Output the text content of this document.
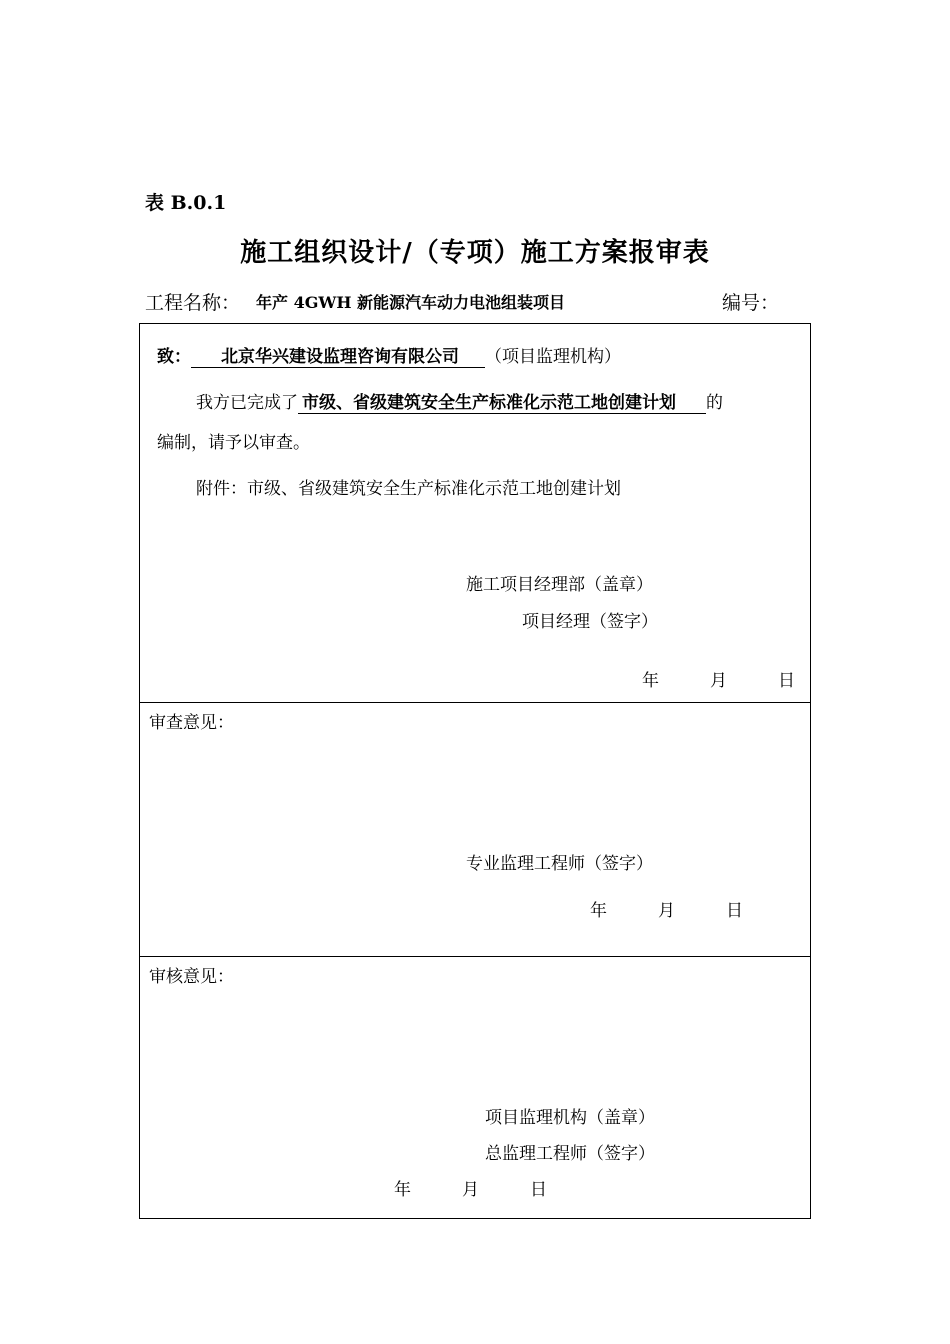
表 B.0.1
施工组织设计/（专项）施工方案报审表
工程名称： 年产 4GWH 新能源汽车动力电池组装项目	编号：
致： 北京华兴建设监理咨询有限公司 （项目监理机构）
我方已完成了 市级、省级建筑安全生产标准化示范工地创建计划 的
编制，请予以审查。
附件：市级、省级建筑安全生产标准化示范工地创建计划
施工项目经理部（盖章）
项目经理（签字）
年	月	日
审查意见：
专业监理工程师（签字）
年	月	日
审核意见：
项目监理机构（盖章）
总监理工程师（签字）
年	月	日
